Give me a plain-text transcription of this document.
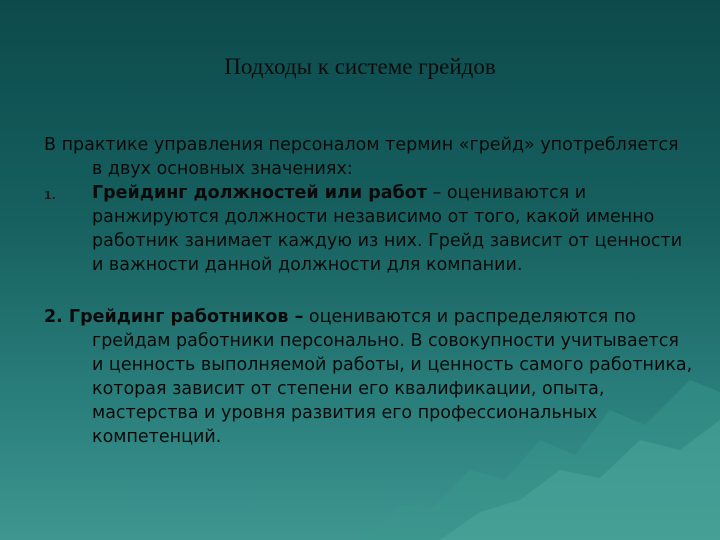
Подходы к системе грейдов

В практике управления персоналом термин «грейд» употребляется в двух основных значениях:

1. Грейдинг должностей или работ – оцениваются и ранжируются должности независимо от того, какой именно работник занимает каждую из них. Грейд зависит от ценности и важности данной должности для компании.

2. Грейдинг работников – оцениваются и распределяются по грейдам работники персонально. В совокупности учитывается и ценность выполняемой работы, и ценность самого работника, которая зависит от степени его квалификации, опыта, мастерства и уровня развития его профессиональных компетенций.
